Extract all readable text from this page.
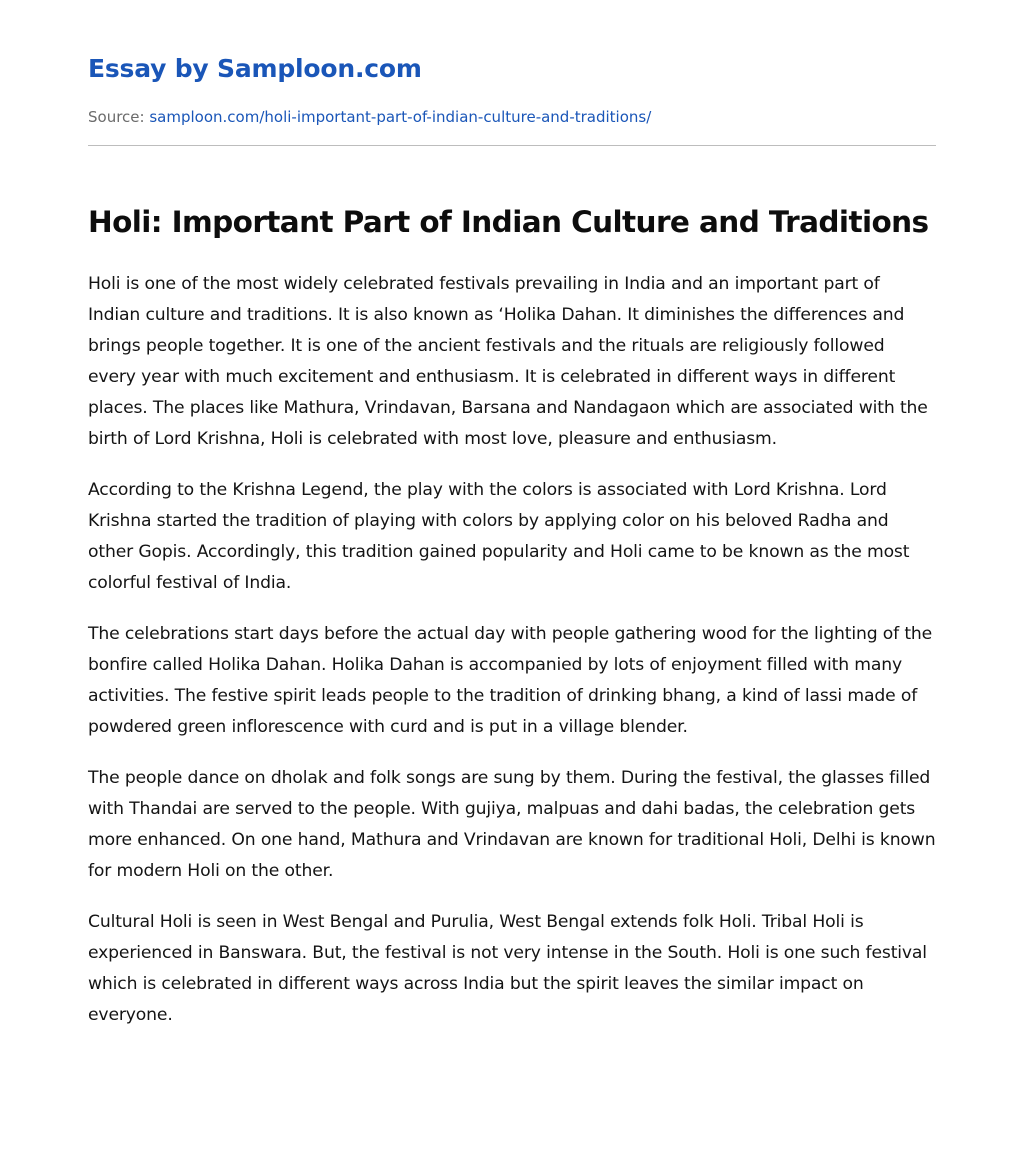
Essay by Samploon.com
Source: samploon.com/holi-important-part-of-indian-culture-and-traditions/
Holi: Important Part of Indian Culture and Traditions

Holi is one of the most widely celebrated festivals prevailing in India and an important part of Indian culture and traditions. It is also known as ‘Holika Dahan. It diminishes the differences and brings people together. It is one of the ancient festivals and the rituals are religiously followed every year with much excitement and enthusiasm. It is celebrated in different ways in different places. The places like Mathura, Vrindavan, Barsana and Nandagaon which are associated with the birth of Lord Krishna, Holi is celebrated with most love, pleasure and enthusiasm.

According to the Krishna Legend, the play with the colors is associated with Lord Krishna. Lord Krishna started the tradition of playing with colors by applying color on his beloved Radha and other Gopis. Accordingly, this tradition gained popularity and Holi came to be known as the most colorful festival of India.

The celebrations start days before the actual day with people gathering wood for the lighting of the bonfire called Holika Dahan. Holika Dahan is accompanied by lots of enjoyment filled with many activities. The festive spirit leads people to the tradition of drinking bhang, a kind of lassi made of powdered green inflorescence with curd and is put in a village blender.

The people dance on dholak and folk songs are sung by them. During the festival, the glasses filled with Thandai are served to the people. With gujiya, malpuas and dahi badas, the celebration gets more enhanced. On one hand, Mathura and Vrindavan are known for traditional Holi, Delhi is known for modern Holi on the other.

Cultural Holi is seen in West Bengal and Purulia, West Bengal extends folk Holi. Tribal Holi is experienced in Banswara. But, the festival is not very intense in the South. Holi is one such festival which is celebrated in different ways across India but the spirit leaves the similar impact on everyone.
